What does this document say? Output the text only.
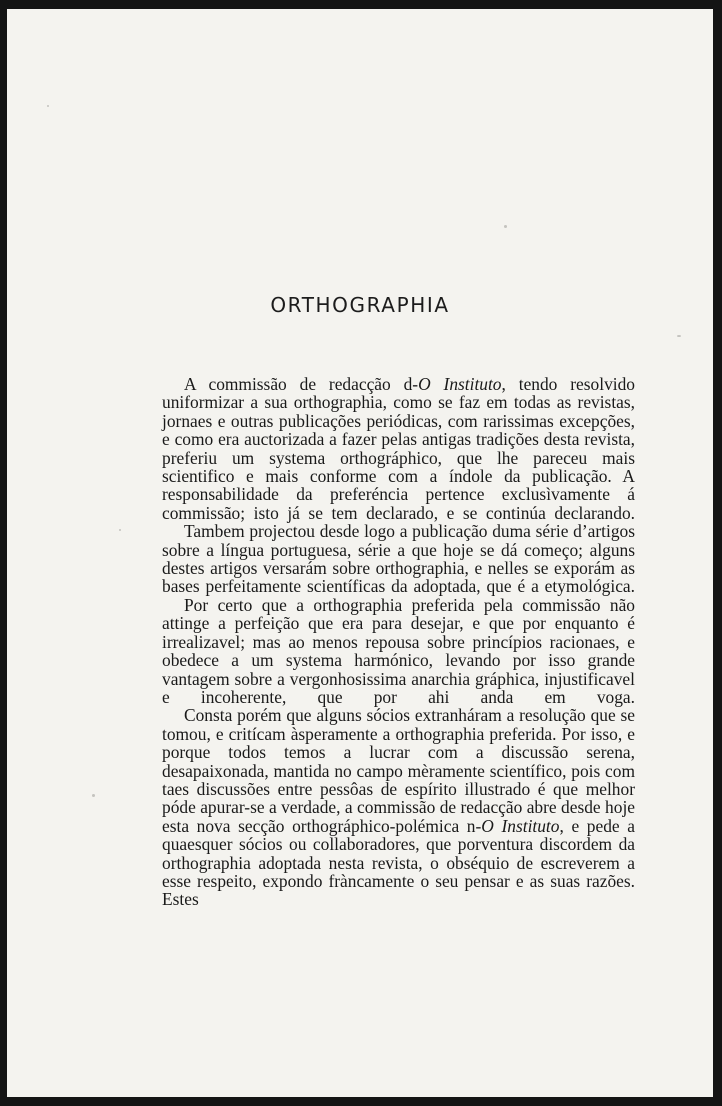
ORTHOGRAPHIA

A commissão de redacção d-O Instituto, tendo resolvido uniformizar a sua orthographia, como se faz em todas as revistas, jornaes e outras publicações periódicas, com rarissimas excepções, e como era auctorizada a fazer pelas antigas tradições desta revista, preferiu um systema orthográphico, que lhe pareceu mais scientifico e mais conforme com a índole da publicação. A responsabilidade da preferéncia pertence exclusìvamente á commissão; isto já se tem declarado, e se continúa declarando.

Tambem projectou desde logo a publicação duma série d’artigos sobre a língua portuguesa, série a que hoje se dá começo; alguns destes artigos versarám sobre orthographia, e nelles se exporám as bases perfeitamente scientíficas da adoptada, que é a etymológica.

Por certo que a orthographia preferida pela commissão não attinge a perfeição que era para desejar, e que por enquanto é irrealizavel; mas ao menos repousa sobre princípios racionaes, e obedece a um systema harmónico, levando por isso grande vantagem sobre a vergonhosissima anarchia gráphica, injustificavel e incoherente, que por ahi anda em voga.

Consta porém que alguns sócios extranháram a resolução que se tomou, e critícam àsperamente a orthographia preferida. Por isso, e porque todos temos a lucrar com a discussão serena, desapaixonada, mantida no campo mèramente scientífico, pois com taes discussões entre pessôas de espírito illustrado é que melhor póde apurar-se a verdade, a commissão de redacção abre desde hoje esta nova secção orthográphico-polémica n-O Instituto, e pede a quaesquer sócios ou collaboradores, que porventura discordem da orthographia adoptada nesta revista, o obséquio de escreverem a esse respeito, expondo fràncamente o seu pensar e as suas razões. Estes
